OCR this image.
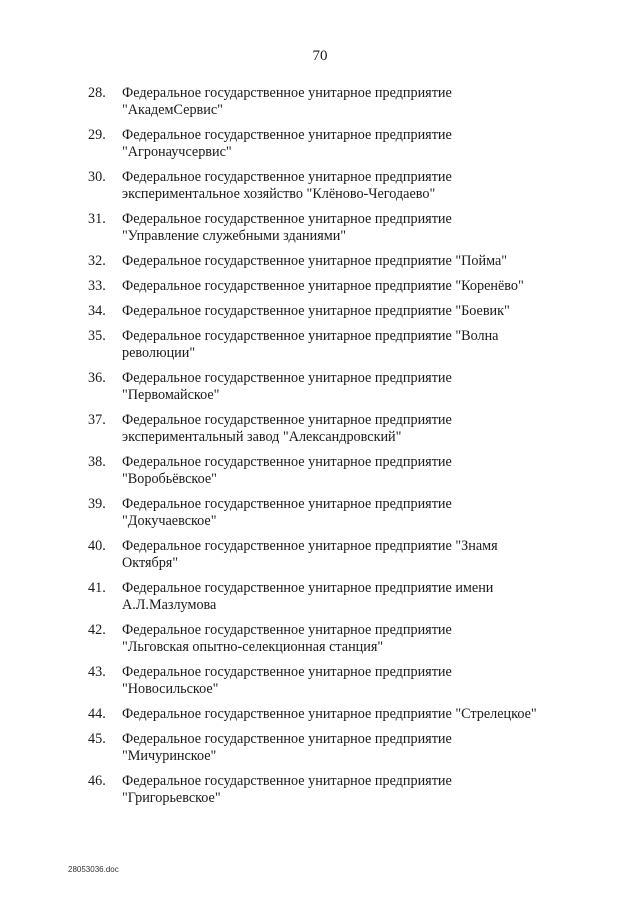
70
28.	Федеральное государственное унитарное предприятие
"АкадемСервис"
29.	Федеральное государственное унитарное предприятие
"Агронаучсервис"
30.	Федеральное государственное унитарное предприятие
экспериментальное хозяйство "Клёново-Чегодаево"
31.	Федеральное государственное унитарное предприятие
"Управление служебными зданиями"
32.	Федеральное государственное унитарное предприятие "Пойма"
33.	Федеральное государственное унитарное предприятие "Коренёво"
34.	Федеральное государственное унитарное предприятие "Боевик"
35.	Федеральное государственное унитарное предприятие "Волна
революции"
36.	Федеральное государственное унитарное предприятие
"Первомайское"
37.	Федеральное государственное унитарное предприятие
экспериментальный завод "Александровский"
38.	Федеральное государственное унитарное предприятие
"Воробьёвское"
39.	Федеральное государственное унитарное предприятие
"Докучаевское"
40.	Федеральное государственное унитарное предприятие "Знамя
Октября"
41.	Федеральное государственное унитарное предприятие имени
А.Л.Мазлумова
42.	Федеральное государственное унитарное предприятие
"Льговская опытно-селекционная станция"
43.	Федеральное государственное унитарное предприятие
"Новосильское"
44.	Федеральное государственное унитарное предприятие "Стрелецкое"
45.	Федеральное государственное унитарное предприятие
"Мичуринское"
46.	Федеральное государственное унитарное предприятие
"Григорьевское"
28053036.doc
